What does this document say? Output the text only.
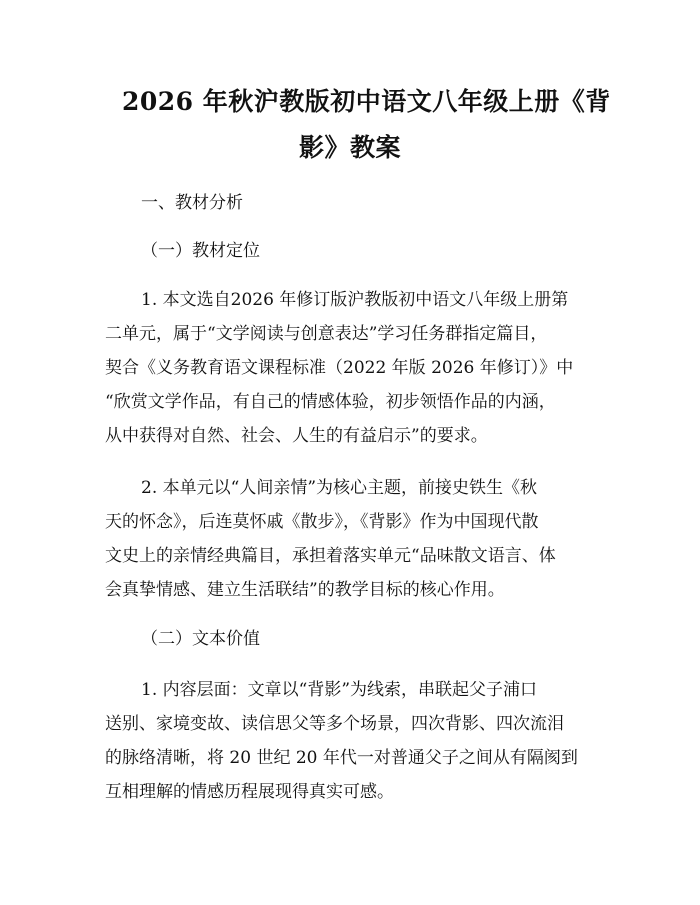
2026 年秋沪教版初中语文八年级上册《背
影》教案
一、教材分析
（一）教材定位
1. 本文选自2026 年修订版沪教版初中语文八年级上册第
二单元，属于“文学阅读与创意表达”学习任务群指定篇目，
契合《义务教育语文课程标准（2022 年版 2026 年修订）》中
“欣赏文学作品，有自己的情感体验，初步领悟作品的内涵，
从中获得对自然、社会、人生的有益启示”的要求。
2. 本单元以“人间亲情”为核心主题，前接史铁生《秋
天的怀念》，后连莫怀戚《散步》，《背影》作为中国现代散
文史上的亲情经典篇目，承担着落实单元“品味散文语言、体
会真挚情感、建立生活联结”的教学目标的核心作用。
（二）文本价值
1. 内容层面：文章以“背影”为线索，串联起父子浦口
送别、家境变故、读信思父等多个场景，四次背影、四次流泪
的脉络清晰，将 20 世纪 20 年代一对普通父子之间从有隔阂到
互相理解的情感历程展现得真实可感。
